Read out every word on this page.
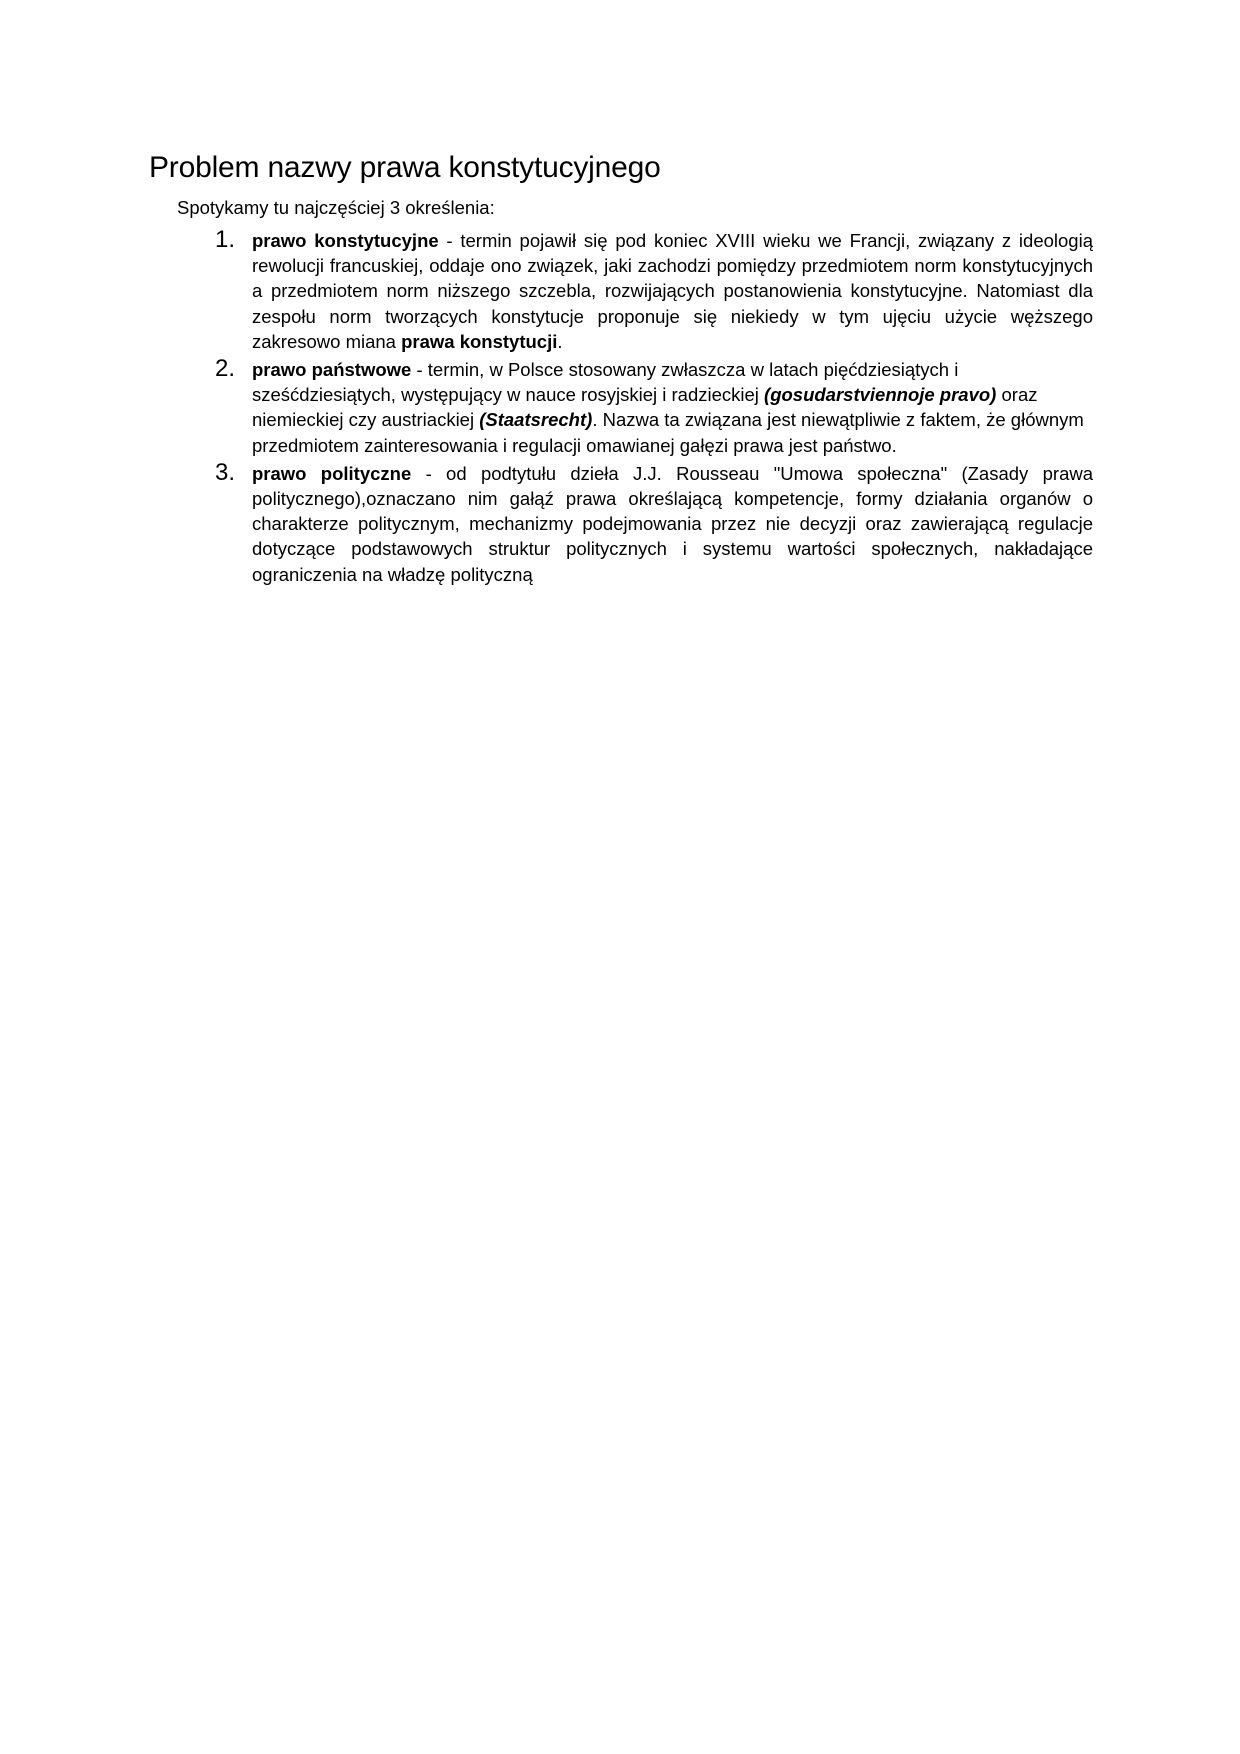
Problem nazwy prawa konstytucyjnego

Spotykamy tu najczęściej 3 określenia:

1. prawo konstytucyjne - termin pojawił się pod koniec XVIII wieku we Francji, związany z ideologią rewolucji francuskiej, oddaje ono związek, jaki zachodzi pomiędzy przedmiotem norm konstytucyjnych a przedmiotem norm niższego szczebla, rozwijających postanowienia konstytucyjne. Natomiast dla zespołu norm tworzących konstytucje proponuje się niekiedy w tym ujęciu użycie węższego zakresowo miana prawa konstytucji.
2. prawo państwowe - termin, w Polsce stosowany zwłaszcza w latach pięćdziesiątych i sześćdziesiątych, występujący w nauce rosyjskiej i radzieckiej (gosudarstviennoje pravo) oraz niemieckiej czy austriackiej (Staatsrecht). Nazwa ta związana jest niewątpliwie z faktem, że głównym przedmiotem zainteresowania i regulacji omawianej gałęzi prawa jest państwo.
3. prawo polityczne - od podtytułu dzieła J.J. Rousseau "Umowa społeczna" (Zasady prawa politycznego),oznaczano nim gałąź prawa określającą kompetencje, formy działania organów o charakterze politycznym, mechanizmy podejmowania przez nie decyzji oraz zawierającą regulacje dotyczące podstawowych struktur politycznych i systemu wartości społecznych, nakładające ograniczenia na władzę polityczną
